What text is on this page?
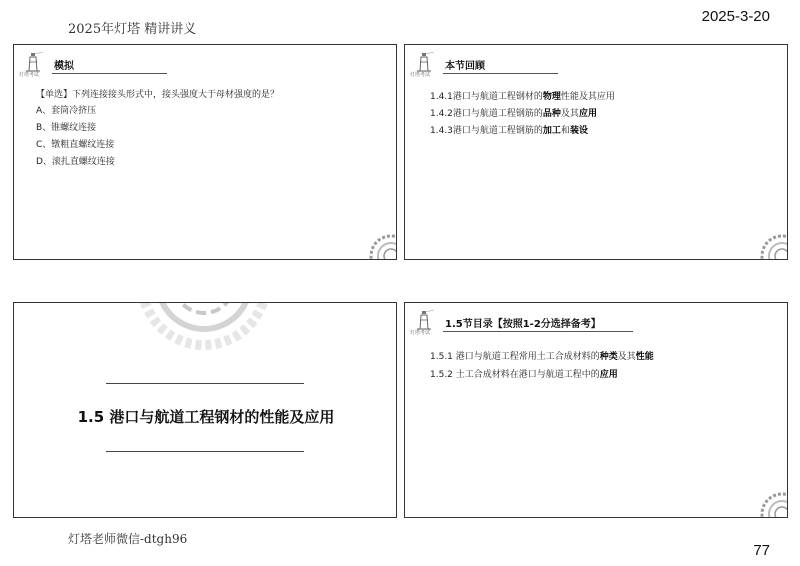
2025年灯塔 精讲讲义
2025-3-20
灯塔考试
模拟
【单选】下列连接接头形式中，接头强度大于母材强度的是？
A、套筒冷挤压
B、锥螺纹连接
C、镦粗直螺纹连接
D、滚扎直螺纹连接
灯塔考试
本节回顾
1.4.1港口与航道工程钢材的物理性能及其应用
1.4.2港口与航道工程钢筋的品种及其应用
1.4.3港口与航道工程钢筋的加工和装设
1.5 港口与航道工程钢材的性能及应用
灯塔考试
1.5节目录【按照1-2分选择备考】
1.5.1 港口与航道工程常用土工合成材料的种类及其性能
1.5.2 土工合成材料在港口与航道工程中的应用
灯塔老师微信-dtgh96
77
